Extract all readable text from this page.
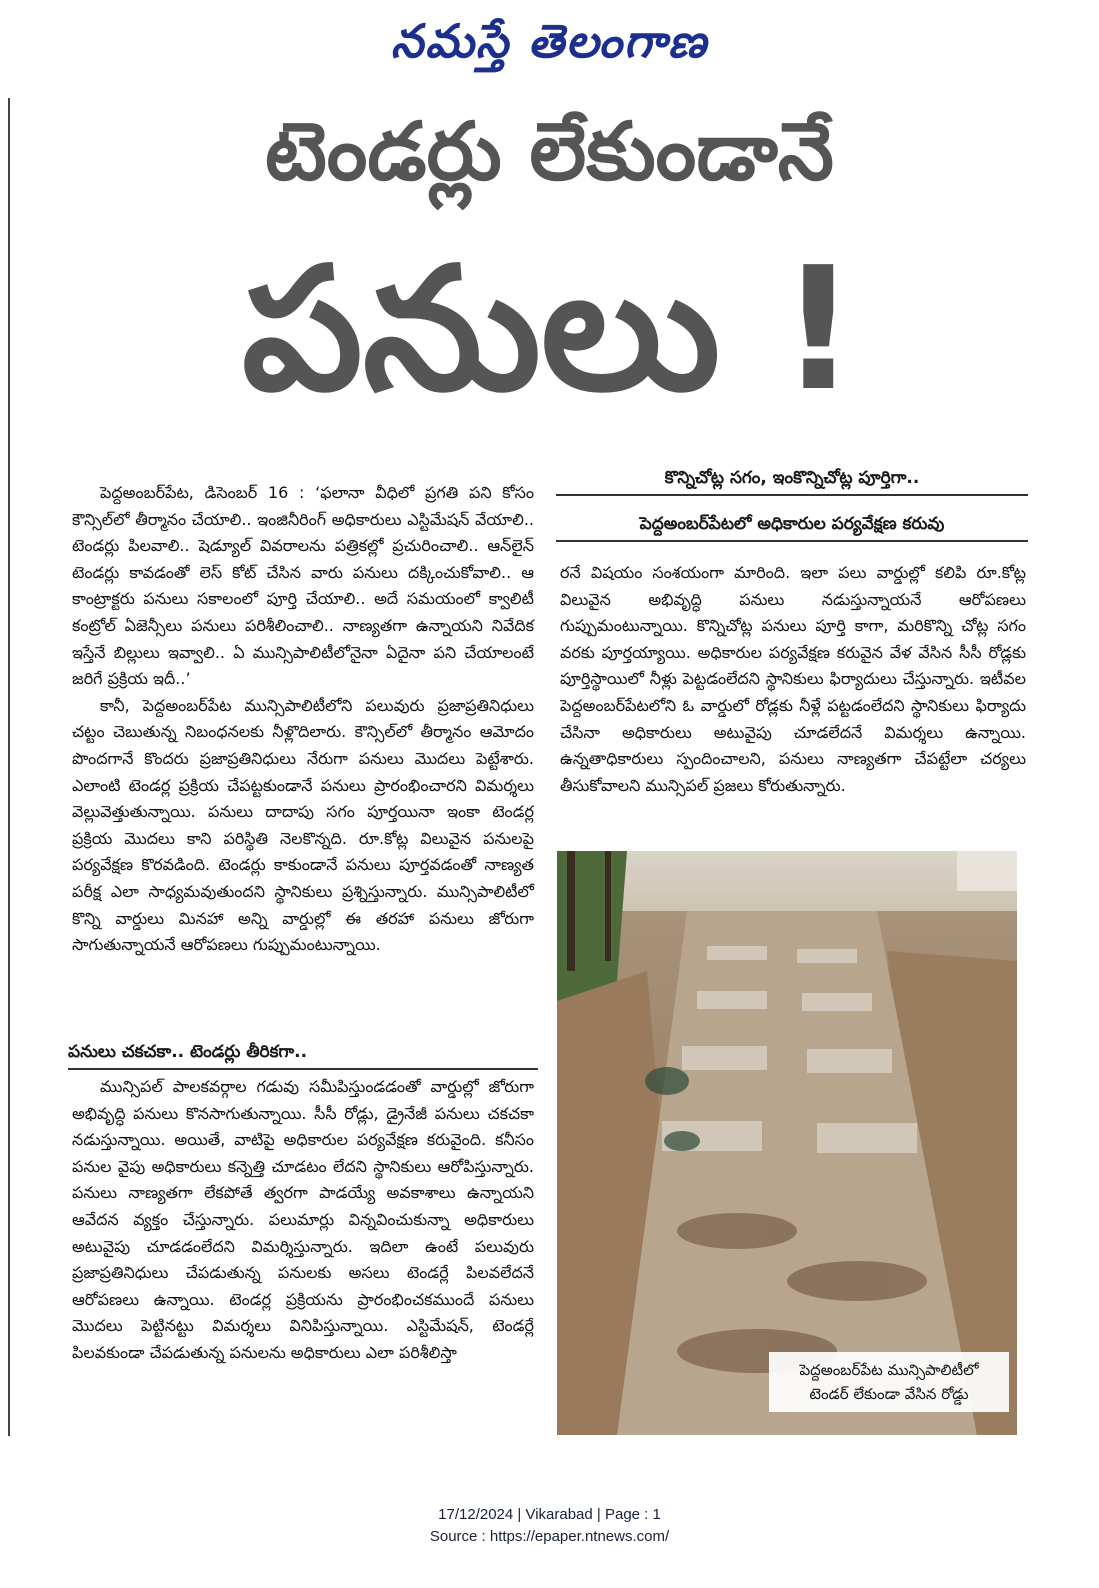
నమస్తే తెలంగాణ
టెండర్లు లేకుండానే
పనులు !
కొన్నిచోట్ల సగం, ఇంకొన్నిచోట్ల పూర్తిగా..
పెద్దఅంబర్‌పేటలో అధికారుల పర్యవేక్షణ కరువు

పెద్దఅంబర్‌పేట, డిసెంబర్ 16 : ‘ఫలానా వీధిలో ప్రగతి పని కోసం కౌన్సిల్‌లో తీర్మానం చేయాలి.. ఇంజినీరింగ్ అధికారులు ఎస్టిమేషన్ వేయాలి.. టెండర్లు పిలవాలి.. షెడ్యూల్ వివరాలను పత్రికల్లో ప్రచురించాలి.. ఆన్‌లైన్ టెండర్లు కావడంతో లెస్ కోట్ చేసిన వారు పనులు దక్కించుకోవాలి.. ఆ కాంట్రాక్టరు పనులు సకాలంలో పూర్తి చేయాలి.. అదే సమయంలో క్వాలిటీ కంట్రోల్ ఏజెన్సీలు పనులు పరిశీలించాలి.. నాణ్యతగా ఉన్నాయని నివేదిక ఇస్తేనే బిల్లులు ఇవ్వాలి.. ఏ మున్సిపాలిటీలోనైనా ఏదైనా పని చేయాలంటే జరిగే ప్రక్రియ ఇదీ..’

కానీ, పెద్దఅంబర్‌పేట మున్సిపాలిటీలోని పలువురు ప్రజాప్రతినిధులు చట్టం చెబుతున్న నిబంధనలకు నీళ్లొదిలారు. కౌన్సిల్‌లో తీర్మానం ఆమోదం పొందగానే కొందరు ప్రజాప్రతినిధులు నేరుగా పనులు మొదలు పెట్టేశారు. ఎలాంటి టెండర్ల ప్రక్రియ చేపట్టకుండానే పనులు ప్రారంభించారని విమర్శలు వెల్లువెత్తుతున్నాయి. పనులు దాదాపు సగం పూర్తయినా ఇంకా టెండర్ల ప్రక్రియ మొదలు కాని పరిస్థితి నెలకొన్నది. రూ.కోట్ల విలువైన పనులపై పర్యవేక్షణ కొరవడింది. టెండర్లు కాకుండానే పనులు పూర్తవడంతో నాణ్యత పరీక్ష ఎలా సాధ్యమవుతుందని స్థానికులు ప్రశ్నిస్తున్నారు. మున్సిపాలిటీలో కొన్ని వార్డులు మినహా అన్ని వార్డుల్లో ఈ తరహా పనులు జోరుగా సాగుతున్నాయనే ఆరోపణలు గుప్పుమంటున్నాయి.

పనులు చకచకా.. టెండర్లు తీరికగా..

మున్సిపల్ పాలకవర్గాల గడువు సమీపిస్తుండడంతో వార్డుల్లో జోరుగా అభివృద్ధి పనులు కొనసాగుతున్నాయి. సీసీ రోడ్లు, డ్రైనేజీ పనులు చకచకా నడుస్తున్నాయి. అయితే, వాటిపై అధికారుల పర్యవేక్షణ కరువైంది. కనీసం పనుల వైపు అధికారులు కన్నెత్తి చూడటం లేదని స్థానికులు ఆరోపిస్తున్నారు. పనులు నాణ్యతగా లేకపోతే త్వరగా పాడయ్యే అవకాశాలు ఉన్నాయని ఆవేదన వ్యక్తం చేస్తున్నారు. పలుమార్లు విన్నవించుకున్నా అధికారులు అటువైపు చూడడంలేదని విమర్శిస్తున్నారు. ఇదిలా ఉంటే పలువురు ప్రజాప్రతినిధులు చేపడుతున్న పనులకు అసలు టెండర్లే పిలవలేదనే ఆరోపణలు ఉన్నాయి. టెండర్ల ప్రక్రియను ప్రారంభించకముందే పనులు మొదలు పెట్టినట్టు విమర్శలు వినిపిస్తున్నాయి. ఎస్టిమేషన్, టెండర్లే పిలవకుండా చేపడుతున్న పనులను అధికారులు ఎలా పరిశీలిస్తా

రనే విషయం సంశయంగా మారింది. ఇలా పలు వార్డుల్లో కలిపి రూ.కోట్ల విలువైన అభివృద్ధి పనులు నడుస్తున్నాయనే ఆరోపణలు గుప్పుమంటున్నాయి. కొన్నిచోట్ల పనులు పూర్తి కాగా, మరికొన్ని చోట్ల సగం వరకు పూర్తయ్యాయి. అధికారుల పర్యవేక్షణ కరువైన వేళ వేసిన సీసీ రోడ్లకు పూర్తిస్థాయిలో నీళ్లు పెట్టడంలేదని స్థానికులు ఫిర్యాదులు చేస్తున్నారు. ఇటీవల పెద్దఅంబర్‌పేటలోని ఓ వార్డులో రోడ్లకు నీళ్లే పట్టడంలేదని స్థానికులు ఫిర్యాదు చేసినా అధికారులు అటువైపు చూడలేదనే విమర్శలు ఉన్నాయి. ఉన్నతాధికారులు స్పందించాలని, పనులు నాణ్యతగా చేపట్టేలా చర్యలు తీసుకోవాలని మున్సిపల్ ప్రజలు కోరుతున్నారు.

పెద్దఅంబర్‌పేట మున్సిపాలిటీలో
టెండర్ లేకుండా వేసిన రోడ్డు
17/12/2024 | Vikarabad | Page : 1
Source : https://epaper.ntnews.com/
